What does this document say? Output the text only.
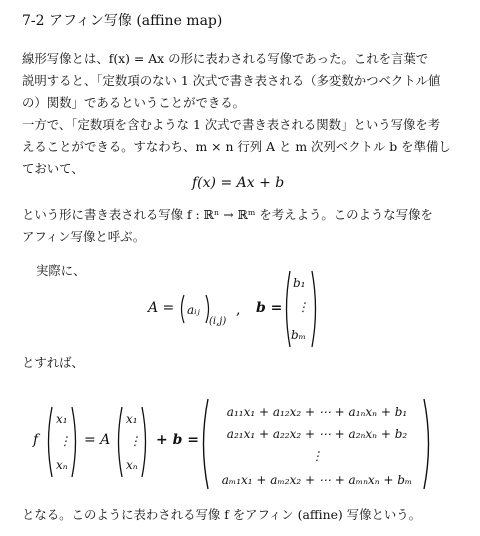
7-2 アフィン写像 (affine map)
線形写像とは、f(x) = Ax の形に表わされる写像であった。これを言葉で
説明すると、「定数項のない 1 次式で書き表される（多変数かつベクトル値
の）関数」であるということができる。
一方で、「定数項を含むような 1 次式で書き表される関数」という写像を考
えることができる。すなわち、m × n 行列 A と m 次列ベクトル b を準備し
ておいて、
f(x) = Ax + b
という形に書き表される写像 f : ℝⁿ → ℝᵐ を考えよう。このような写像を
アフィン写像と呼ぶ。
実際に、
A = aᵢⱼ
(i,j)
, b =
b₁
⋮
bₘ
とすれば、
f
x₁
⋮
xₙ
= A
x₁
⋮
xₙ
+ b =
a₁₁x₁ + a₁₂x₂ + ⋯ + a₁ₙxₙ + b₁
a₂₁x₁ + a₂₂x₂ + ⋯ + a₂ₙxₙ + b₂
⋮
aₘ₁x₁ + aₘ₂x₂ + ⋯ + aₘₙxₙ + bₘ
となる。このように表わされる写像 f をアフィン (affine) 写像という。
